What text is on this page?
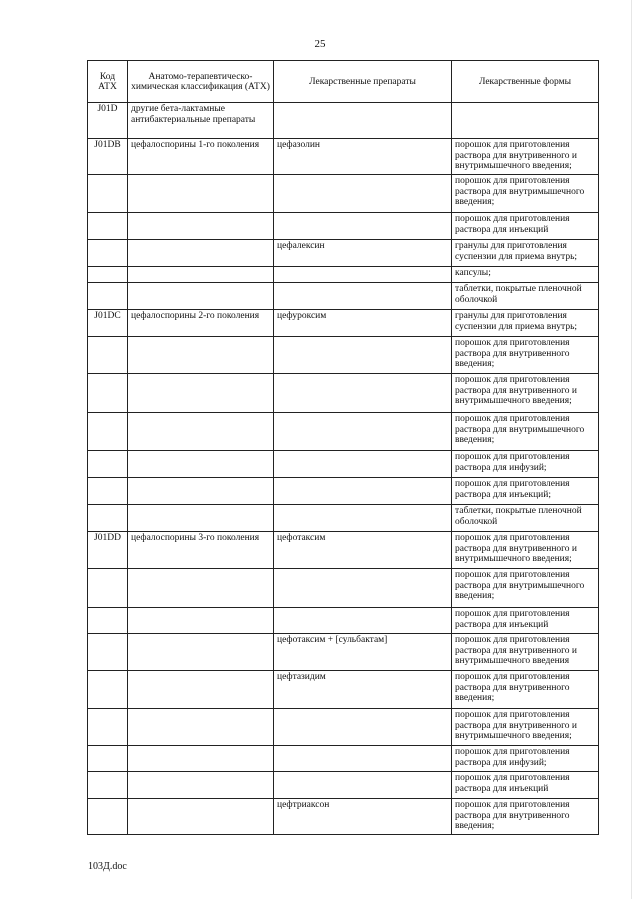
25
Код АТХ	Анатомо-терапевтическо-химическая классификация (АТХ)	Лекарственные препараты	Лекарственные формы
J01D	другие бета-лактамные антибактериальные препараты		
J01DB	цефалоспорины 1-го поколения	цефазолин	порошок для приготовления раствора для внутривенного и внутримышечного введения;
			порошок для приготовления раствора для внутримышечного введения;
			порошок для приготовления раствора для инъекций
		цефалексин	гранулы для приготовления суспензии для приема внутрь;
			капсулы;
			таблетки, покрытые пленочной оболочкой
J01DC	цефалоспорины 2-го поколения	цефуроксим	гранулы для приготовления суспензии для приема внутрь;
			порошок для приготовления раствора для внутривенного введения;
			порошок для приготовления раствора для внутривенного и внутримышечного введения;
			порошок для приготовления раствора для внутримышечного введения;
			порошок для приготовления раствора для инфузий;
			порошок для приготовления раствора для инъекций;
			таблетки, покрытые пленочной оболочкой
J01DD	цефалоспорины 3-го поколения	цефотаксим	порошок для приготовления раствора для внутривенного и внутримышечного введения;
			порошок для приготовления раствора для внутримышечного введения;
			порошок для приготовления раствора для инъекций
		цефотаксим + [сульбактам]	порошок для приготовления раствора для внутривенного и внутримышечного введения
		цефтазидим	порошок для приготовления раствора для внутривенного введения;
			порошок для приготовления раствора для внутривенного и внутримышечного введения;
			порошок для приготовления раствора для инфузий;
			порошок для приготовления раствора для инъекций
		цефтриаксон	порошок для приготовления раствора для внутривенного введения;
103Д.doc
